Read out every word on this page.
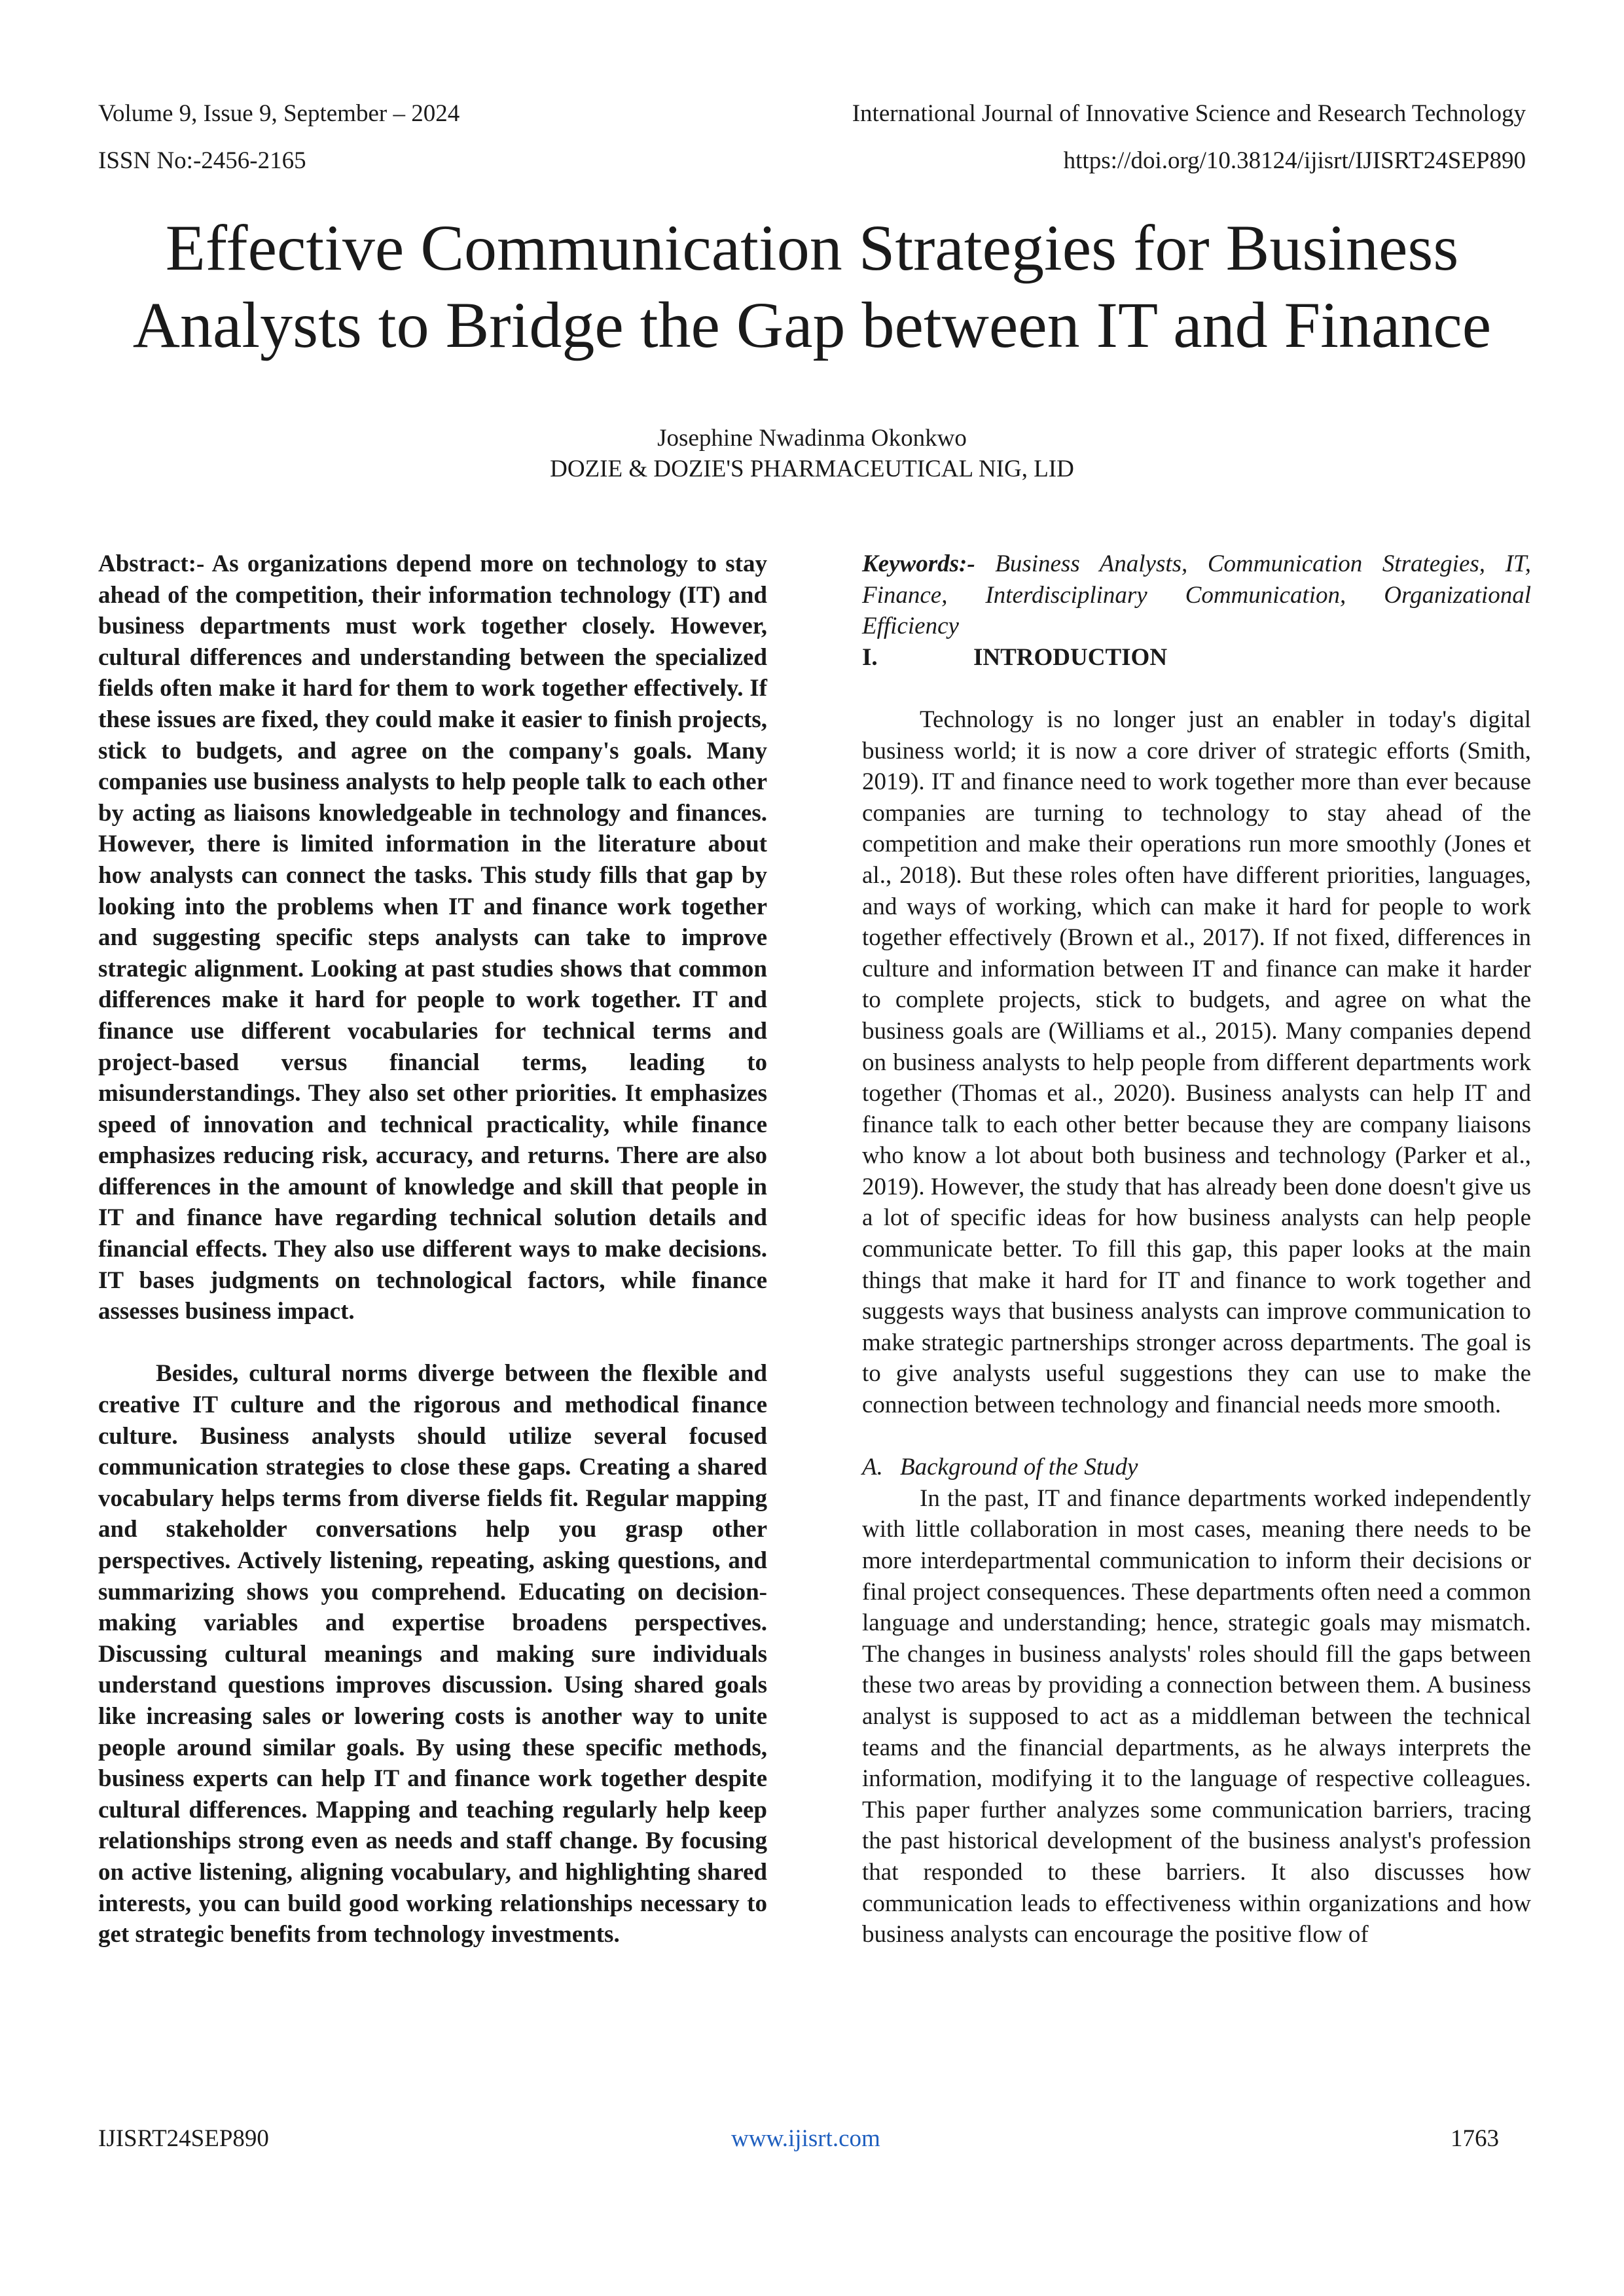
Volume 9, Issue 9, September – 2024	International Journal of Innovative Science and Research Technology
ISSN No:-2456-2165	https://doi.org/10.38124/ijisrt/IJISRT24SEP890
Effective Communication Strategies for Business
Analysts to Bridge the Gap between IT and Finance
Josephine Nwadinma Okonkwo
DOZIE & DOZIE'S PHARMACEUTICAL NIG, LID

Abstract:- As organizations depend more on technology to stay ahead of the competition, their information technology (IT) and business departments must work together closely. However, cultural differences and understanding between the specialized fields often make it hard for them to work together effectively. If these issues are fixed, they could make it easier to finish projects, stick to budgets, and agree on the company's goals. Many companies use business analysts to help people talk to each other by acting as liaisons knowledgeable in technology and finances. However, there is limited information in the literature about how analysts can connect the tasks. This study fills that gap by looking into the problems when IT and finance work together and suggesting specific steps analysts can take to improve strategic alignment. Looking at past studies shows that common differences make it hard for people to work together. IT and finance use different vocabularies for technical terms and project-based versus financial terms, leading to misunderstandings. They also set other priorities. It emphasizes speed of innovation and technical practicality, while finance emphasizes reducing risk, accuracy, and returns. There are also differences in the amount of knowledge and skill that people in IT and finance have regarding technical solution details and financial effects. They also use different ways to make decisions. IT bases judgments on technological factors, while finance assesses business impact.

Besides, cultural norms diverge between the flexible and creative IT culture and the rigorous and methodical finance culture. Business analysts should utilize several focused communication strategies to close these gaps. Creating a shared vocabulary helps terms from diverse fields fit. Regular mapping and stakeholder conversations help you grasp other perspectives. Actively listening, repeating, asking questions, and summarizing shows you comprehend. Educating on decision-making variables and expertise broadens perspectives. Discussing cultural meanings and making sure individuals understand questions improves discussion. Using shared goals like increasing sales or lowering costs is another way to unite people around similar goals. By using these specific methods, business experts can help IT and finance work together despite cultural differences. Mapping and teaching regularly help keep relationships strong even as needs and staff change. By focusing on active listening, aligning vocabulary, and highlighting shared interests, you can build good working relationships necessary to get strategic benefits from technology investments.

Keywords:- Business Analysts, Communication Strategies, IT, Finance, Interdisciplinary Communication, Organizational Efficiency

I.	INTRODUCTION

Technology is no longer just an enabler in today's digital business world; it is now a core driver of strategic efforts (Smith, 2019). IT and finance need to work together more than ever because companies are turning to technology to stay ahead of the competition and make their operations run more smoothly (Jones et al., 2018). But these roles often have different priorities, languages, and ways of working, which can make it hard for people to work together effectively (Brown et al., 2017). If not fixed, differences in culture and information between IT and finance can make it harder to complete projects, stick to budgets, and agree on what the business goals are (Williams et al., 2015). Many companies depend on business analysts to help people from different departments work together (Thomas et al., 2020). Business analysts can help IT and finance talk to each other better because they are company liaisons who know a lot about both business and technology (Parker et al., 2019). However, the study that has already been done doesn't give us a lot of specific ideas for how business analysts can help people communicate better. To fill this gap, this paper looks at the main things that make it hard for IT and finance to work together and suggests ways that business analysts can improve communication to make strategic partnerships stronger across departments. The goal is to give analysts useful suggestions they can use to make the connection between technology and financial needs more smooth.

A. Background of the Study

In the past, IT and finance departments worked independently with little collaboration in most cases, meaning there needs to be more interdepartmental communication to inform their decisions or final project consequences. These departments often need a common language and understanding; hence, strategic goals may mismatch. The changes in business analysts' roles should fill the gaps between these two areas by providing a connection between them. A business analyst is supposed to act as a middleman between the technical teams and the financial departments, as he always interprets the information, modifying it to the language of respective colleagues. This paper further analyzes some communication barriers, tracing the past historical development of the business analyst's profession that responded to these barriers. It also discusses how communication leads to effectiveness within organizations and how business analysts can encourage the positive flow of

IJISRT24SEP890	www.ijisrt.com	1763
